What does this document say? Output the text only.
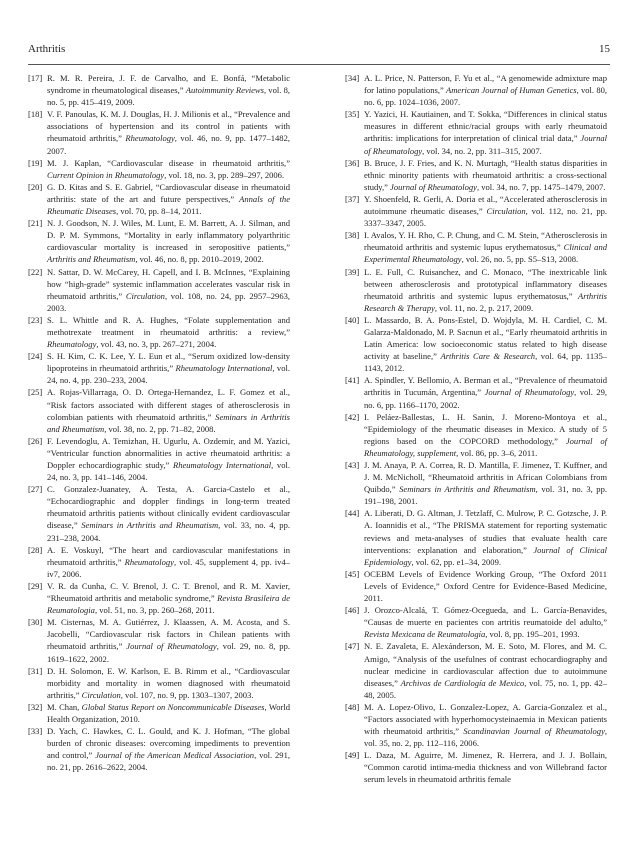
Arthritis	15
[17] R. M. R. Pereira, J. F. de Carvalho, and E. Bonfá, “Metabolic syndrome in rheumatological diseases,” Autoimmunity Reviews, vol. 8, no. 5, pp. 415–419, 2009.
[18] V. F. Panoulas, K. M. J. Douglas, H. J. Milionis et al., “Prevalence and associations of hypertension and its control in patients with rheumatoid arthritis,” Rheumatology, vol. 46, no. 9, pp. 1477–1482, 2007.
[19] M. J. Kaplan, “Cardiovascular disease in rheumatoid arthritis,” Current Opinion in Rheumatology, vol. 18, no. 3, pp. 289–297, 2006.
[20] G. D. Kitas and S. E. Gabriel, “Cardiovascular disease in rheumatoid arthritis: state of the art and future perspectives,” Annals of the Rheumatic Diseases, vol. 70, pp. 8–14, 2011.
[21] N. J. Goodson, N. J. Wiles, M. Lunt, E. M. Barrett, A. J. Silman, and D. P. M. Symmons, “Mortality in early inflammatory polyarthritic cardiovascular mortality is increased in seropositive patients,” Arthritis and Rheumatism, vol. 46, no. 8, pp. 2010–2019, 2002.
[22] N. Sattar, D. W. McCarey, H. Capell, and I. B. McInnes, “Explaining how “high-grade” systemic inflammation accelerates vascular risk in rheumatoid arthritis,” Circulation, vol. 108, no. 24, pp. 2957–2963, 2003.
[23] S. L. Whittle and R. A. Hughes, “Folate supplementation and methotrexate treatment in rheumatoid arthritis: a review,” Rheumatology, vol. 43, no. 3, pp. 267–271, 2004.
[24] S. H. Kim, C. K. Lee, Y. L. Eun et al., “Serum oxidized low-density lipoproteins in rheumatoid arthritis,” Rheumatology International, vol. 24, no. 4, pp. 230–233, 2004.
[25] A. Rojas-Villarraga, O. D. Ortega-Hernandez, L. F. Gomez et al., “Risk factors associated with different stages of atherosclerosis in colombian patients with rheumatoid arthritis,” Seminars in Arthritis and Rheumatism, vol. 38, no. 2, pp. 71–82, 2008.
[26] F. Levendoglu, A. Temizhan, H. Ugurlu, A. Ozdemir, and M. Yazici, “Ventricular function abnormalities in active rheumatoid arthritis: a Doppler echocardiographic study,” Rheumatology International, vol. 24, no. 3, pp. 141–146, 2004.
[27] C. Gonzalez-Juanatey, A. Testa, A. Garcia-Castelo et al., “Echocardiographic and doppler findings in long-term treated rheumatoid arthritis patients without clinically evident cardiovascular disease,” Seminars in Arthritis and Rheumatism, vol. 33, no. 4, pp. 231–238, 2004.
[28] A. E. Voskuyl, “The heart and cardiovascular manifestations in rheumatoid arthritis,” Rheumatology, vol. 45, supplement 4, pp. iv4–iv7, 2006.
[29] V. R. da Cunha, C. V. Brenol, J. C. T. Brenol, and R. M. Xavier, “Rheumatoid arthritis and metabolic syndrome,” Revista Brasileira de Reumatologia, vol. 51, no. 3, pp. 260–268, 2011.
[30] M. Cisternas, M. A. Gutiérrez, J. Klaassen, A. M. Acosta, and S. Jacobelli, “Cardiovascular risk factors in Chilean patients with rheumatoid arthritis,” Journal of Rheumatology, vol. 29, no. 8, pp. 1619–1622, 2002.
[31] D. H. Solomon, E. W. Karlson, E. B. Rimm et al., “Cardiovascular morbidity and mortality in women diagnosed with rheumatoid arthritis,” Circulation, vol. 107, no. 9, pp. 1303–1307, 2003.
[32] M. Chan, Global Status Report on Noncommunicable Diseases, World Health Organization, 2010.
[33] D. Yach, C. Hawkes, C. L. Gould, and K. J. Hofman, “The global burden of chronic diseases: overcoming impediments to prevention and control,” Journal of the American Medical Association, vol. 291, no. 21, pp. 2616–2622, 2004.
[34] A. L. Price, N. Patterson, F. Yu et al., “A genomewide admixture map for latino populations,” American Journal of Human Genetics, vol. 80, no. 6, pp. 1024–1036, 2007.
[35] Y. Yazici, H. Kautiainen, and T. Sokka, “Differences in clinical status measures in different ethnic/racial groups with early rheumatoid arthritis: implications for interpretation of clinical trial data,” Journal of Rheumatology, vol. 34, no. 2, pp. 311–315, 2007.
[36] B. Bruce, J. F. Fries, and K. N. Murtagh, “Health status disparities in ethnic minority patients with rheumatoid arthritis: a cross-sectional study,” Journal of Rheumatology, vol. 34, no. 7, pp. 1475–1479, 2007.
[37] Y. Shoenfeld, R. Gerli, A. Doria et al., “Accelerated atherosclerosis in autoimmune rheumatic diseases,” Circulation, vol. 112, no. 21, pp. 3337–3347, 2005.
[38] I. Avalos, Y. H. Rho, C. P. Chung, and C. M. Stein, “Atherosclerosis in rheumatoid arthritis and systemic lupus erythematosus,” Clinical and Experimental Rheumatology, vol. 26, no. 5, pp. S5–S13, 2008.
[39] L. E. Full, C. Ruisanchez, and C. Monaco, “The inextricable link between atherosclerosis and prototypical inflammatory diseases rheumatoid arthritis and systemic lupus erythematosus,” Arthritis Research & Therapy, vol. 11, no. 2, p. 217, 2009.
[40] L. Massardo, B. A. Pons-Estel, D. Wojdyla, M. H. Cardiel, C. M. Galarza-Maldonado, M. P. Sacnun et al., “Early rheumatoid arthritis in Latin America: low socioeconomic status related to high disease activity at baseline,” Arthritis Care & Research, vol. 64, pp. 1135–1143, 2012.
[41] A. Spindler, Y. Bellomio, A. Berman et al., “Prevalence of rheumatoid arthritis in Tucumán, Argentina,” Journal of Rheumatology, vol. 29, no. 6, pp. 1166–1170, 2002.
[42] I. Peláez-Ballestas, L. H. Sanin, J. Moreno-Montoya et al., “Epidemiology of the rheumatic diseases in Mexico. A study of 5 regions based on the COPCORD methodology,” Journal of Rheumatology, supplement, vol. 86, pp. 3–6, 2011.
[43] J. M. Anaya, P. A. Correa, R. D. Mantilla, F. Jimenez, T. Kuffner, and J. M. McNicholl, “Rheumatoid arthritis in African Colombians from Quibdo,” Seminars in Arthritis and Rheumatism, vol. 31, no. 3, pp. 191–198, 2001.
[44] A. Liberati, D. G. Altman, J. Tetzlaff, C. Mulrow, P. C. Gotzsche, J. P. A. Ioannidis et al., “The PRISMA statement for reporting systematic reviews and meta-analyses of studies that evaluate health care interventions: explanation and elaboration,” Journal of Clinical Epidemiology, vol. 62, pp. e1–34, 2009.
[45] OCEBM Levels of Evidence Working Group, “The Oxford 2011 Levels of Evidence,” Oxford Centre for Evidence-Based Medicine, 2011.
[46] J. Orozco-Alcalá, T. Gómez-Ocegueda, and L. García-Benavides, “Causas de muerte en pacientes con artritis reumatoide del adulto,” Revista Mexicana de Reumatología, vol. 8, pp. 195–201, 1993.
[47] N. E. Zavaleta, E. Alexánderson, M. E. Soto, M. Flores, and M. C. Amigo, “Analysis of the usefulnes of contrast echocardiography and nuclear medicine in cardiovascular affection due to autoimmune diseases,” Archivos de Cardiología de Mexico, vol. 75, no. 1, pp. 42–48, 2005.
[48] M. A. Lopez-Olivo, L. Gonzalez-Lopez, A. Garcia-Gonzalez et al., “Factors associated with hyperhomocysteinaemia in Mexican patients with rheumatoid arthritis,” Scandinavian Journal of Rheumatology, vol. 35, no. 2, pp. 112–116, 2006.
[49] L. Daza, M. Aguirre, M. Jimenez, R. Herrera, and J. J. Bollain, “Common carotid intima-media thickness and von Willebrand factor serum levels in rheumatoid arthritis female
